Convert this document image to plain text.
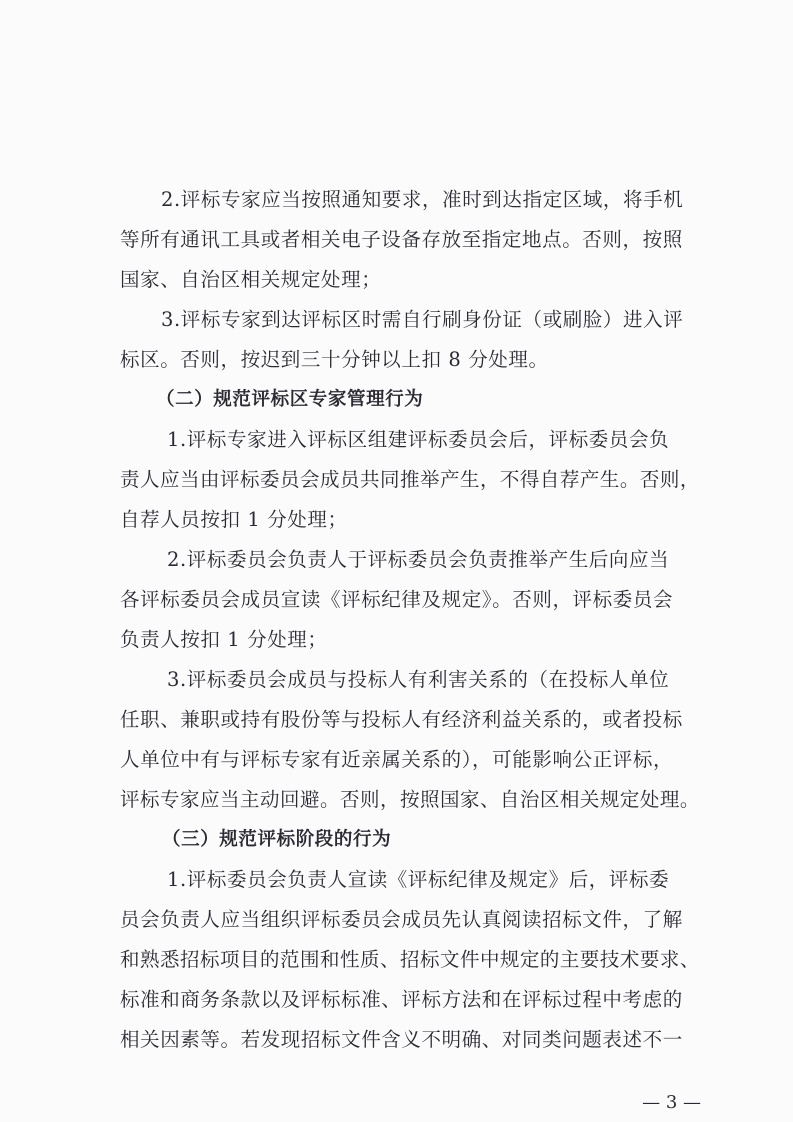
2.评标专家应当按照通知要求，准时到达指定区域，将手机
等所有通讯工具或者相关电子设备存放至指定地点。否则，按照
国家、自治区相关规定处理；
3.评标专家到达评标区时需自行刷身份证（或刷脸）进入评
标区。否则，按迟到三十分钟以上扣 8 分处理。
（二）规范评标区专家管理行为
1.评标专家进入评标区组建评标委员会后，评标委员会负
责人应当由评标委员会成员共同推举产生，不得自荐产生。否则，
自荐人员按扣 1 分处理；
2.评标委员会负责人于评标委员会负责推举产生后向应当
各评标委员会成员宣读《评标纪律及规定》。否则，评标委员会
负责人按扣 1 分处理；
3.评标委员会成员与投标人有利害关系的（在投标人单位
任职、兼职或持有股份等与投标人有经济利益关系的，或者投标
人单位中有与评标专家有近亲属关系的），可能影响公正评标，
评标专家应当主动回避。否则，按照国家、自治区相关规定处理。
（三）规范评标阶段的行为
1.评标委员会负责人宣读《评标纪律及规定》后，评标委
员会负责人应当组织评标委员会成员先认真阅读招标文件，了解
和熟悉招标项目的范围和性质、招标文件中规定的主要技术要求、
标准和商务条款以及评标标准、评标方法和在评标过程中考虑的
相关因素等。若发现招标文件含义不明确、对同类问题表述不一
— 3 —
